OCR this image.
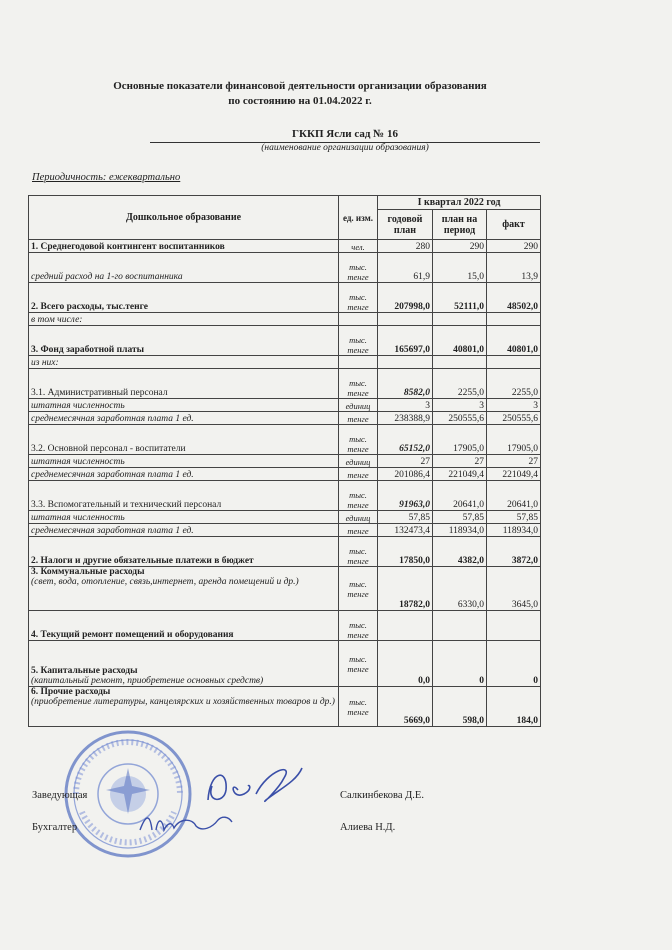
Основные показатели финансовой деятельности организации образования
по состоянию на 01.04.2022 г.
ГККП Ясли сад № 16
(наименование организации образования)
Периодичность: ежеквартально
Дошкольное образование	ед. изм.	I квартал 2022 год		
		годовой план	план на период	факт
1. Среднегодовой контингент воспитанников	чел.	280	290	290
средний расход на 1-го воспитанника	тыс. тенге	61,9	15,0	13,9
2. Всего расходы, тыс.тенге	тыс. тенге	207998,0	52111,0	48502,0
в том числе:				
3. Фонд заработной платы	тыс. тенге	165697,0	40801,0	40801,0
из них:				
3.1. Административный персонал	тыс. тенге	8582,0	2255,0	2255,0
штатная численность	единиц	3	3	3
среднемесячная заработная плата 1 ед.	тенге	238388,9	250555,6	250555,6
3.2. Основной персонал - воспитатели	тыс. тенге	65152,0	17905,0	17905,0
штатная численность	единиц	27	27	27
среднемесячная заработная плата 1 ед.	тенге	201086,4	221049,4	221049,4
3.3. Вспомогательный и технический персонал	тыс. тенге	91963,0	20641,0	20641,0
штатная численность	единиц	57,85	57,85	57,85
среднемесячная заработная плата 1 ед.	тенге	132473,4	118934,0	118934,0
2. Налоги и другие обязательные платежи в бюджет	тыс. тенге	17850,0	4382,0	3872,0

3. Коммунальные расходы
(свет, вода, отопление, связь,интернет, аренда помещений и др.)	тыс. тенге	18782,0	6330,0	3645,0
4. Текущий ремонт помещений и оборудования	тыс. тенге			

5. Капитальные расходы
(капитальный ремонт, приобретение основных средств)	тыс. тенге	0,0	0	0

6. Прочие расходы
(приобретение литературы, канцелярских и хозяйственных товаров и др.)	тыс. тенге	5669,0	598,0	184,0
Заведующая	Салкинбекова Д.Е.
Бухгалтер	Алиева Н.Д.
